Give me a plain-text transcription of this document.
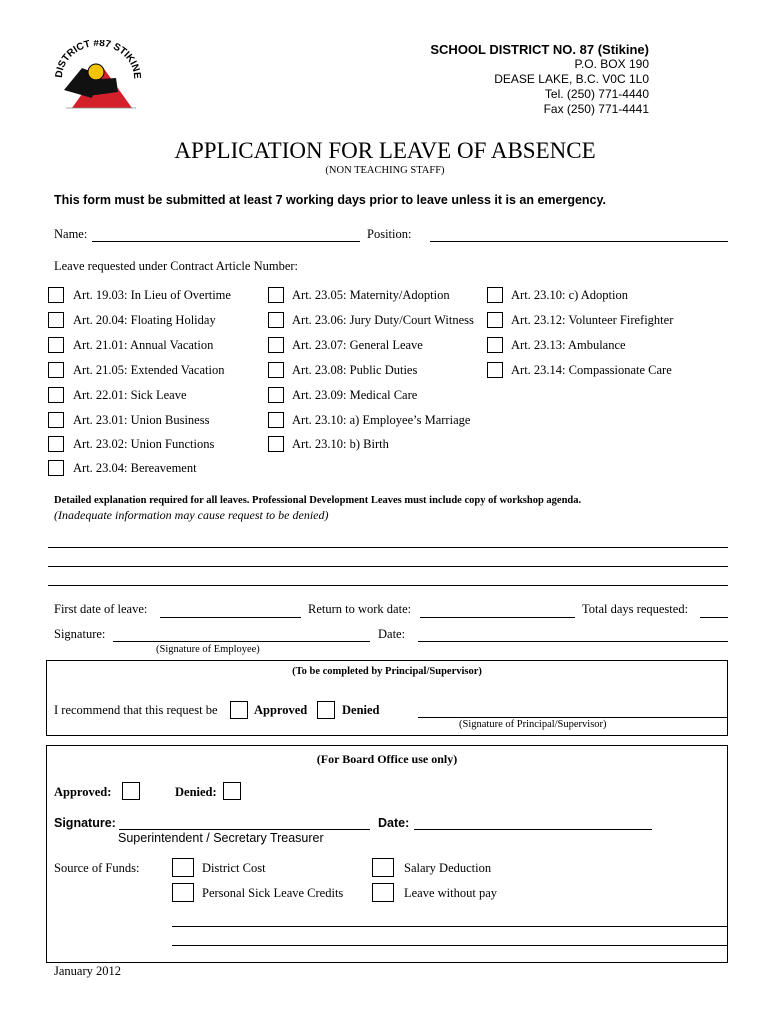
DISTRICT #87 STIKINE
SCHOOL DISTRICT NO. 87 (Stikine)
P.O. BOX 190
DEASE LAKE, B.C. V0C 1L0
Tel. (250) 771-4440
Fax (250) 771-4441
APPLICATION FOR LEAVE OF ABSENCE
(NON TEACHING STAFF)
This form must be submitted at least 7 working days prior to leave unless it is an emergency.
Name:	Position:
Leave requested under Contract Article Number:
Art. 19.03: In Lieu of Overtime
Art. 20.04: Floating Holiday
Art. 21.01: Annual Vacation
Art. 21.05: Extended Vacation
Art. 22.01: Sick Leave
Art. 23.01: Union Business
Art. 23.02: Union Functions
Art. 23.04: Bereavement
Art. 23.05: Maternity/Adoption
Art. 23.06: Jury Duty/Court Witness
Art. 23.07: General Leave
Art. 23.08: Public Duties
Art. 23.09: Medical Care
Art. 23.10: a) Employee’s Marriage
Art. 23.10: b) Birth
Art. 23.10: c) Adoption
Art. 23.12: Volunteer Firefighter
Art. 23.13: Ambulance
Art. 23.14: Compassionate Care
Detailed explanation required for all leaves. Professional Development Leaves must include copy of workshop agenda.
(Inadequate information may cause request to be denied)
First date of leave:	Return to work date:	Total days requested:
Signature:	Date:
(Signature of Employee)
(To be completed by Principal/Supervisor)
I recommend that this request be	Approved	Denied
(Signature of Principal/Supervisor)
(For Board Office use only)
Approved:	Denied:
Signature:	Date:
Superintendent / Secretary Treasurer
Source of Funds:	District Cost	Salary Deduction
Personal Sick Leave Credits	Leave without pay
January 2012
